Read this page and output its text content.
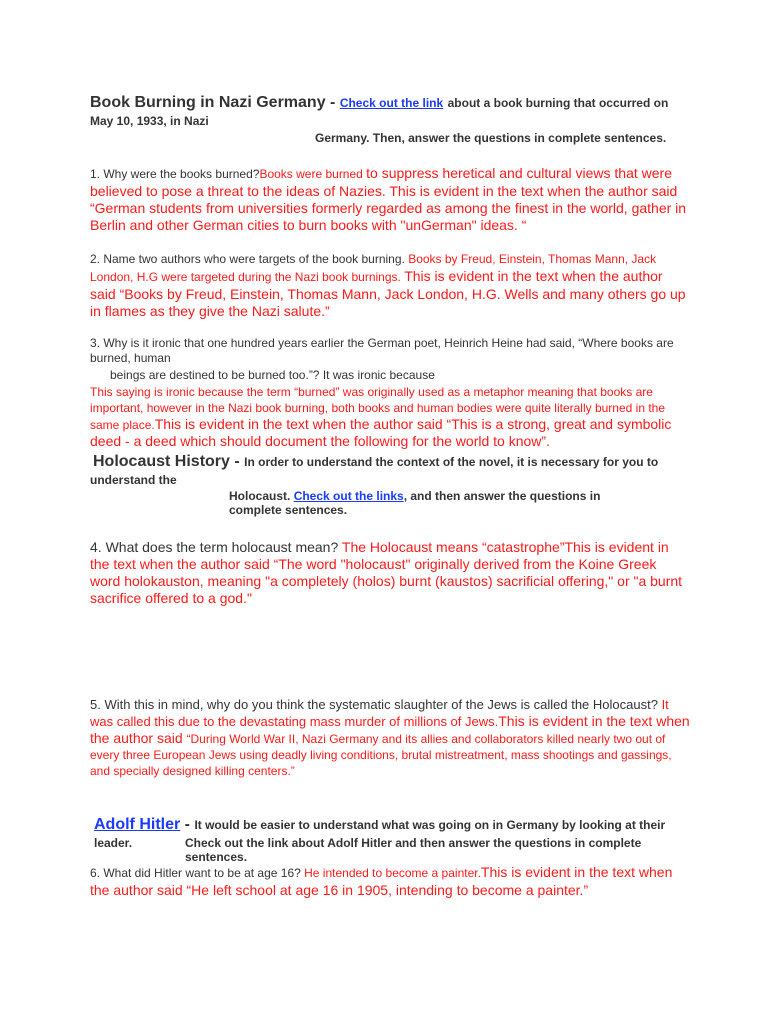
Book Burning in Nazi Germany - Check out the link about a book burning that occurred on May 10, 1933, in Nazi
Germany. Then, answer the questions in complete sentences.

1. Why were the books burned?Books were burned to suppress heretical and cultural views that were believed to pose a threat to the ideas of Nazies. This is evident in the text when the author said “German students from universities formerly regarded as among the finest in the world, gather in Berlin and other German cities to burn books with "unGerman" ideas. “

2. Name two authors who were targets of the book burning. Books by Freud, Einstein, Thomas Mann, Jack London, H.G were targeted during the Nazi book burnings. This is evident in the text when the author said “Books by Freud, Einstein, Thomas Mann, Jack London, H.G. Wells and many others go up in flames as they give the Nazi salute.”

3. Why is it ironic that one hundred years earlier the German poet, Heinrich Heine had said, “Where books are burned, human

beings are destined to be burned too.”? It was ironic because

This saying is ironic because the term “burned” was originally used as a metaphor meaning that books are important, however in the Nazi book burning, both books and human bodies were quite literally burned in the same place.This is evident in the text when the author said “This is a strong, great and symbolic deed - a deed which should document the following for the world to know”.

Holocaust History - In order to understand the context of the novel, it is necessary for you to understand the
Holocaust. Check out the links, and then answer the questions in complete sentences.

4. What does the term holocaust mean? The Holocaust means “catastrophe”This is evident in the text when the author said “The word "holocaust" originally derived from the Koine Greek word holokauston, meaning "a completely (holos) burnt (kaustos) sacrificial offering," or "a burnt sacrifice offered to a god."

5. With this in mind, why do you think the systematic slaughter of the Jews is called the Holocaust? It was called this due to the devastating mass murder of millions of Jews.This is evident in the text when the author said “During World War II, Nazi Germany and its allies and collaborators killed nearly two out of every three European Jews using deadly living conditions, brutal mistreatment, mass shootings and gassings, and specially designed killing centers.”

Adolf Hitler - It would be easier to understand what was going on in Germany by looking at their leader.	Check out the link about Adolf Hitler and then answer the questions in complete sentences.

6. What did Hitler want to be at age 16? He intended to become a painter.This is evident in the text when the author said “He left school at age 16 in 1905, intending to become a painter.”
